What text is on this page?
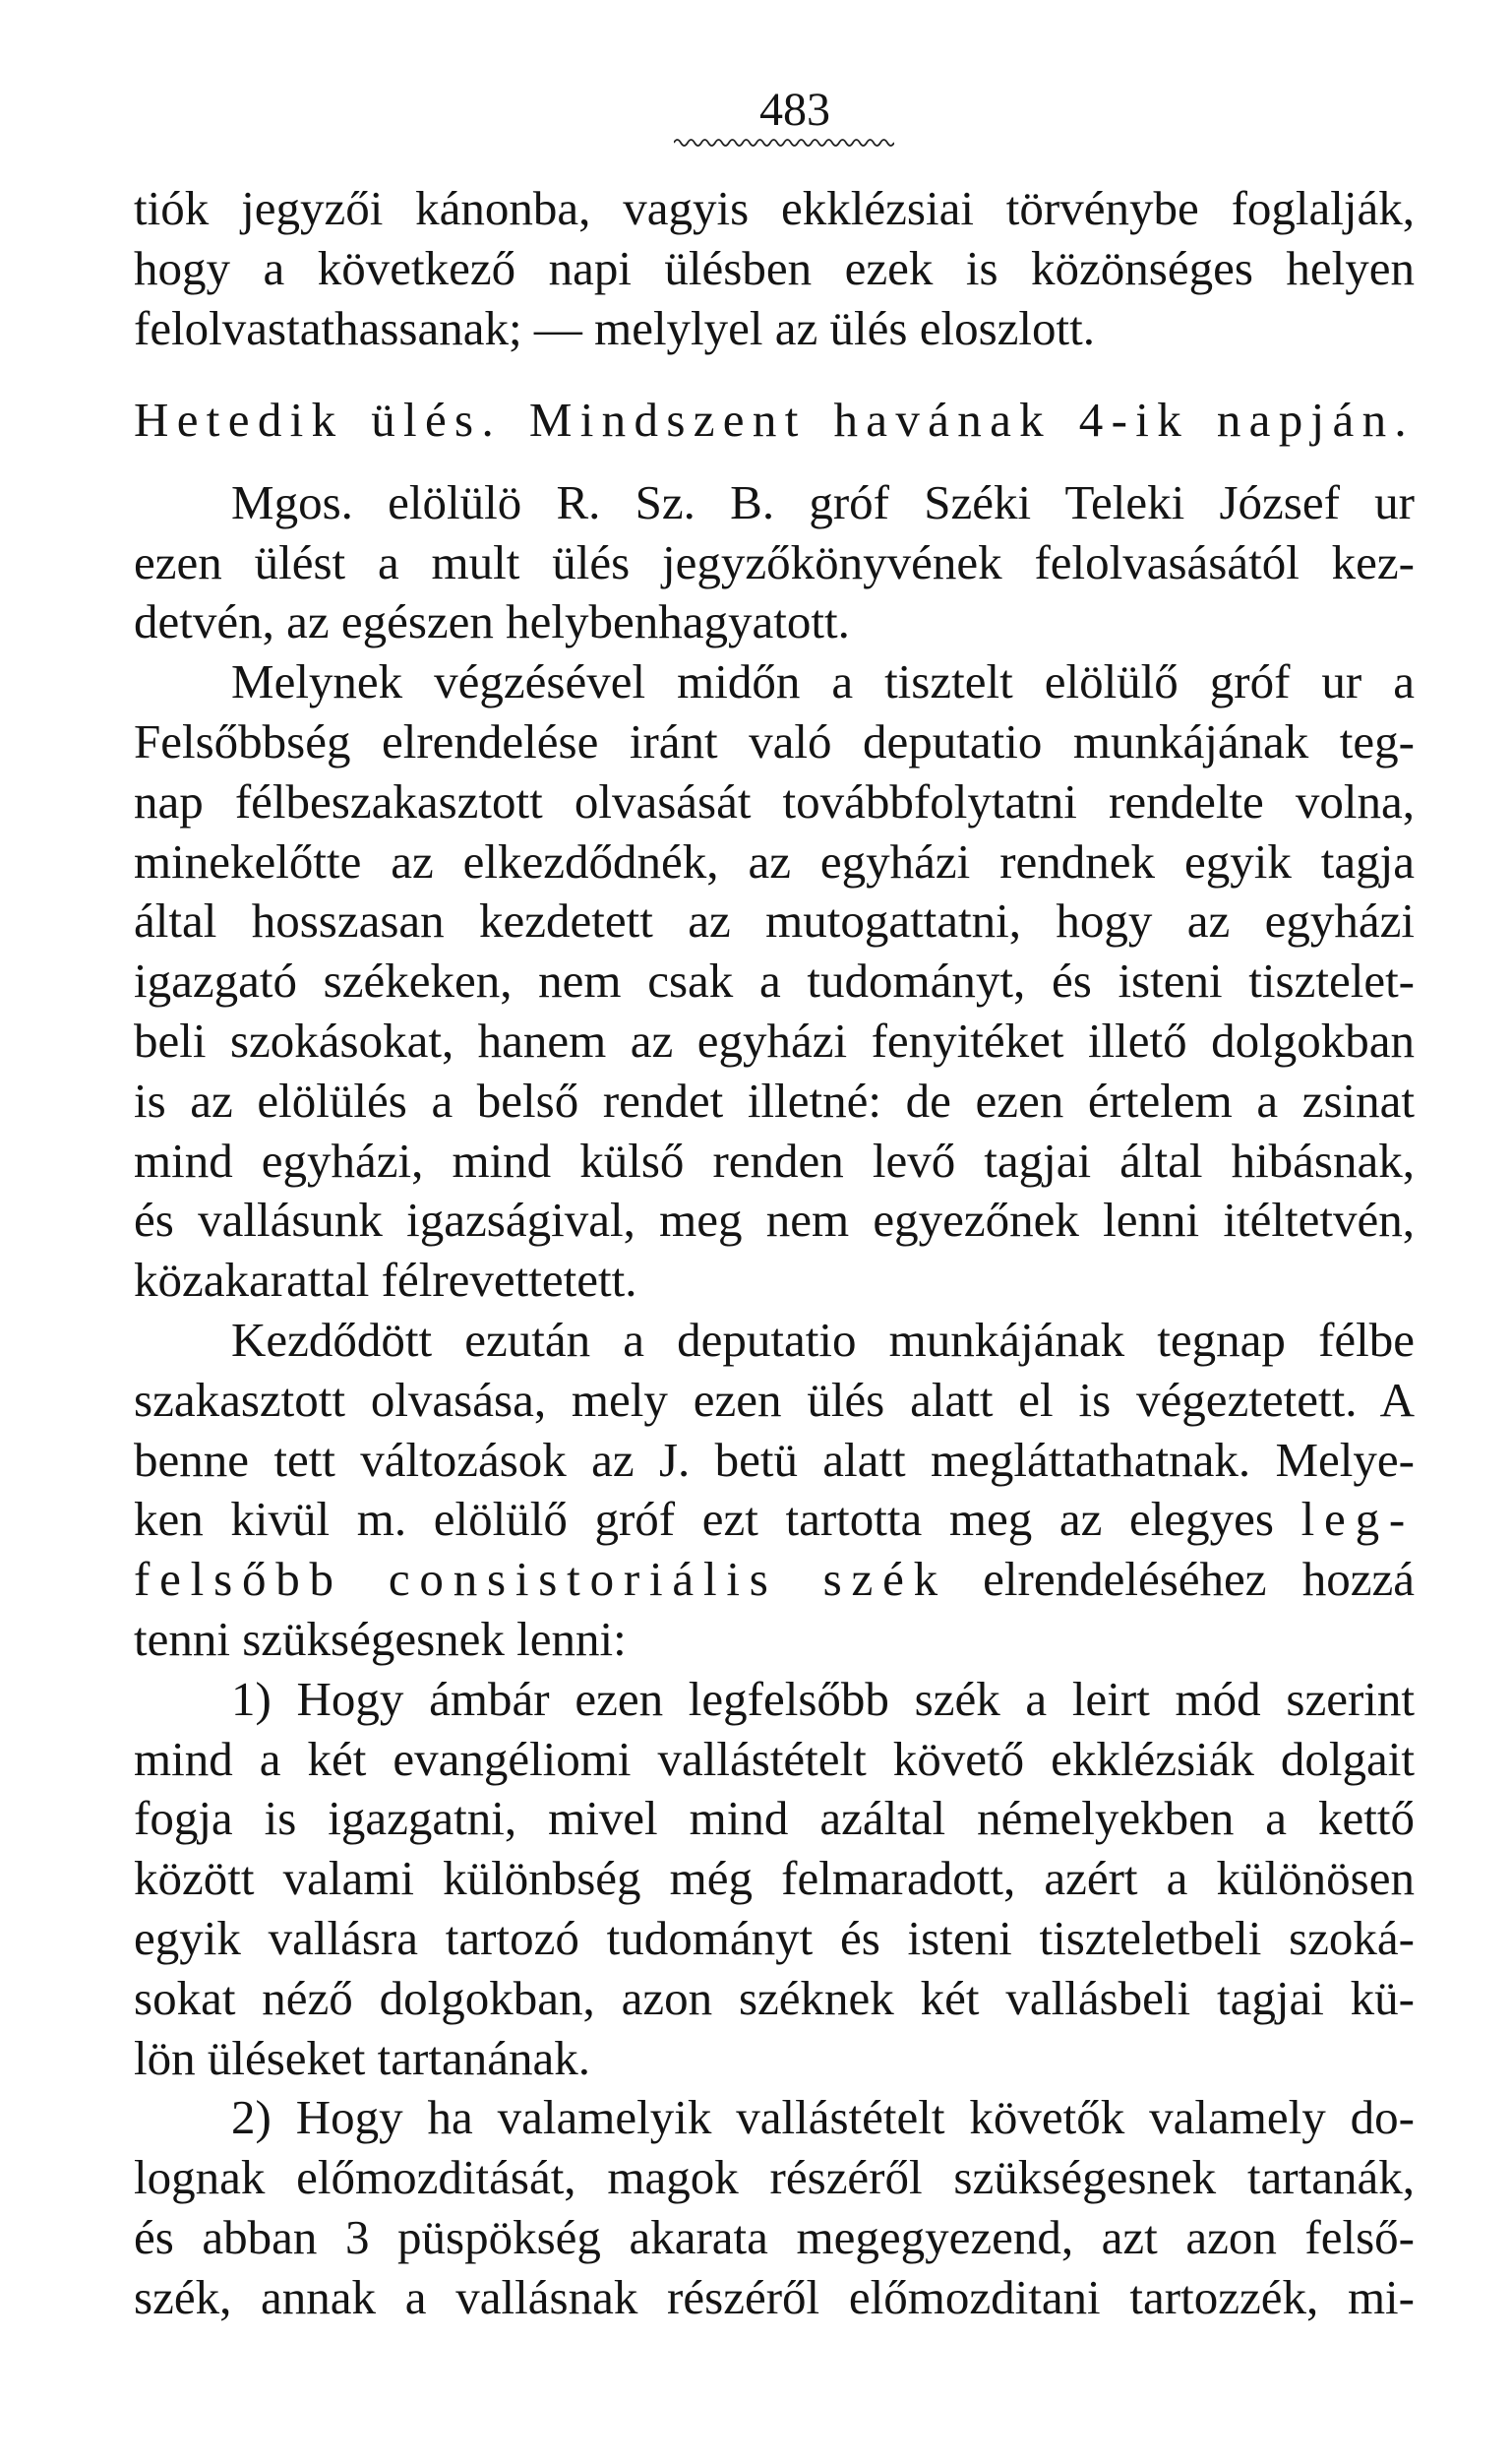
483
tiók jegyzői kánonba, vagyis ekklézsiai törvénybe foglalják,
hogy a következő napi ülésben ezek is közönséges helyen
felolvastathassanak; — melylyel az ülés eloszlott.
Hetedik ülés. Mindszent havának 4-ik napján.
Mgos. elölülö R. Sz. B. gróf Széki Teleki József ur
ezen ülést a mult ülés jegyzőkönyvének felolvasásától kez-
detvén, az egészen helybenhagyatott.
Melynek végzésével midőn a tisztelt elölülő gróf ur a
Felsőbbség elrendelése iránt való deputatio munkájának teg-
nap félbeszakasztott olvasását továbbfolytatni rendelte volna,
minekelőtte az elkezdődnék, az egyházi rendnek egyik tagja
által hosszasan kezdetett az mutogattatni, hogy az egyházi
igazgató székeken, nem csak a tudományt, és isteni tisztelet-
beli szokásokat, hanem az egyházi fenyitéket illető dolgokban
is az elölülés a belső rendet illetné: de ezen értelem a zsinat
mind egyházi, mind külső renden levő tagjai által hibásnak,
és vallásunk igazságival, meg nem egyezőnek lenni itéltetvén,
közakarattal félrevettetett.
Kezdődött ezután a deputatio munkájának tegnap félbe
szakasztott olvasása, mely ezen ülés alatt el is végeztetett. A
benne tett változások az J. betü alatt megláttathatnak. Melye-
ken kivül m. elölülő gróf ezt tartotta meg az elegyes leg-
felsőbb consistoriális szék elrendeléséhez hozzá
tenni szükségesnek lenni:
1) Hogy ámbár ezen legfelsőbb szék a leirt mód szerint
mind a két evangéliomi vallástételt követő ekklézsiák dolgait
fogja is igazgatni, mivel mind azáltal némelyekben a kettő
között valami különbség még felmaradott, azért a különösen
egyik vallásra tartozó tudományt és isteni tiszteletbeli szoká-
sokat néző dolgokban, azon széknek két vallásbeli tagjai kü-
lön üléseket tartanának.
2) Hogy ha valamelyik vallástételt követők valamely do-
lognak előmozditását, magok részéről szükségesnek tartanák,
és abban 3 püspökség akarata megegyezend, azt azon felső-
szék, annak a vallásnak részéről előmozditani tartozzék, mi-
